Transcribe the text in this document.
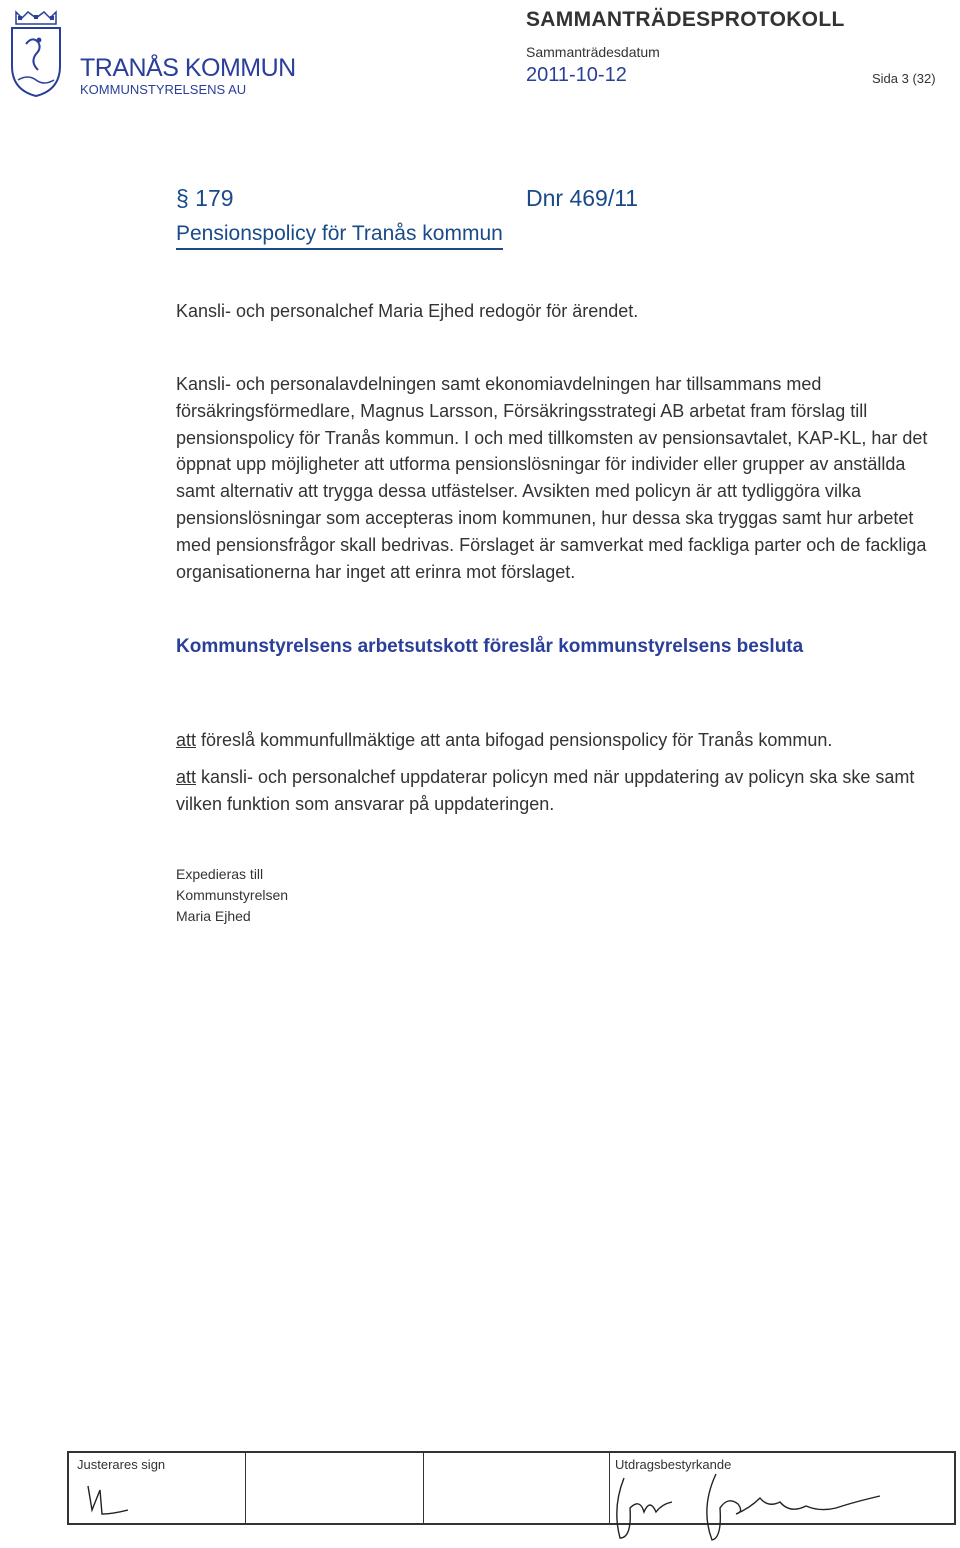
TRANÅS KOMMUN
KOMMUNSTYRELSENS AU
SAMMANTRÄDESPROTOKOLL
Sammanträdesdatum
2011-10-12	Sida 3 (32)
§ 179	Dnr 469/11
Pensionspolicy för Tranås kommun
Kansli- och personalchef Maria Ejhed redogör för ärendet.
Kansli- och personalavdelningen samt ekonomiavdelningen har tillsammans med försäkringsförmedlare, Magnus Larsson, Försäkringsstrategi AB arbetat fram förslag till pensionspolicy för Tranås kommun. I och med tillkomsten av pensionsavtalet, KAP-KL, har det öppnat upp möjligheter att utforma pensionslösningar för individer eller grupper av anställda samt alternativ att trygga dessa utfästelser. Avsikten med policyn är att tydliggöra vilka pensionslösningar som accepteras inom kommunen, hur dessa ska tryggas samt hur arbetet med pensionsfrågor skall bedrivas. Förslaget är samverkat med fackliga parter och de fackliga organisationerna har inget att erinra mot förslaget.
Kommunstyrelsens arbetsutskott föreslår kommunstyrelsens besluta
att föreslå kommunfullmäktige att anta bifogad pensionspolicy för Tranås kommun.
att kansli- och personalchef uppdaterar policyn med när uppdatering av policyn ska ske samt vilken funktion som ansvarar på uppdateringen.
Expedieras till
Kommunstyrelsen
Maria Ejhed
Justerares sign	Utdragsbestyrkande
